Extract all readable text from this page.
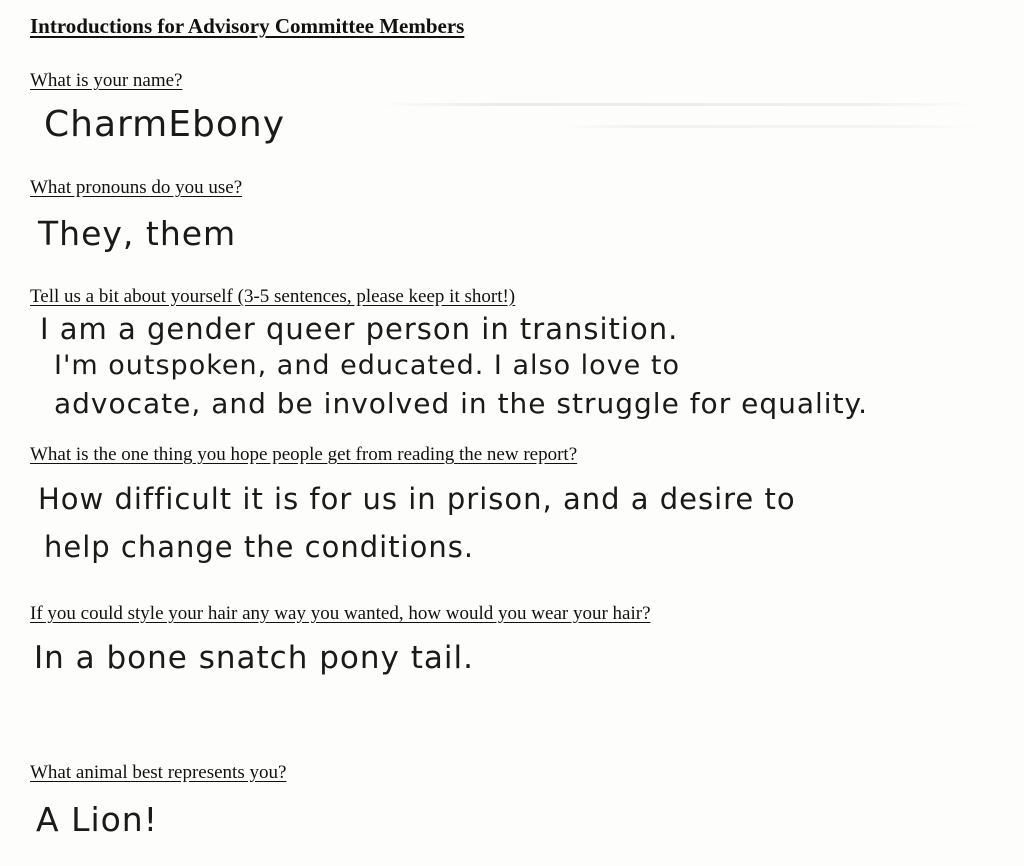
Introductions for Advisory Committee Members
What is your name?
CharmEbony
What pronouns do you use?
They, them
Tell us a bit about yourself (3-5 sentences, please keep it short!)
I am a gender queer person in transition.
I'm outspoken, and educated. I also love to
advocate, and be involved in the struggle for equality.
What is the one thing you hope people get from reading the new report?
How difficult it is for us in prison, and a desire to
help change the conditions.
If you could style your hair any way you wanted, how would you wear your hair?
In a bone snatch pony tail.
What animal best represents you?
A Lion!
